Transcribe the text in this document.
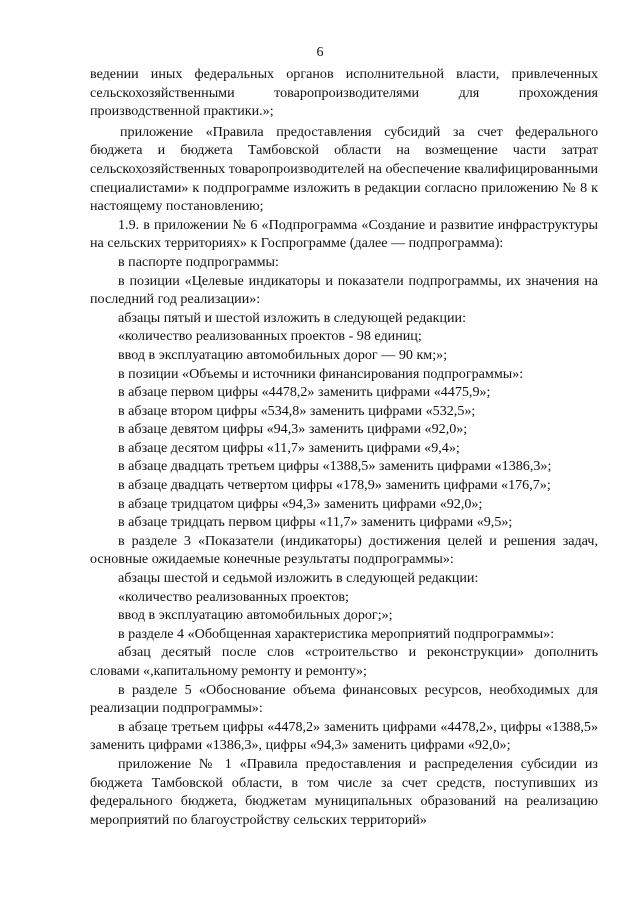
6

ведении иных федеральных органов исполнительной власти, привлеченных сельскохозяйственными товаропроизводителями для прохождения производственной практики.»;

приложение «Правила предоставления субсидий за счет федерального бюджета и бюджета Тамбовской области на возмещение части затрат сельскохозяйственных товаропроизводителей на обеспечение квалифицированными специалистами» к подпрограмме изложить в редакции согласно приложению № 8 к настоящему постановлению;

1.9. в приложении № 6 «Подпрограмма «Создание и развитие инфраструктуры на сельских территориях» к Госпрограмме (далее — подпрограмма):

в паспорте подпрограммы:

в позиции «Целевые индикаторы и показатели подпрограммы, их значения на последний год реализации»:

абзацы пятый и шестой изложить в следующей редакции:

«количество реализованных проектов - 98 единиц;

ввод в эксплуатацию автомобильных дорог — 90 км;»;

в позиции «Объемы и источники финансирования подпрограммы»:

в абзаце первом цифры «4478,2» заменить цифрами «4475,9»;

в абзаце втором цифры «534,8» заменить цифрами «532,5»;

в абзаце девятом цифры «94,3» заменить цифрами «92,0»;

в абзаце десятом цифры «11,7» заменить цифрами «9,4»;

в абзаце двадцать третьем цифры «1388,5» заменить цифрами «1386,3»;

в абзаце двадцать четвертом цифры «178,9» заменить цифрами «176,7»;

в абзаце тридцатом цифры «94,3» заменить цифрами «92,0»;

в абзаце тридцать первом цифры «11,7» заменить цифрами «9,5»;

в разделе 3 «Показатели (индикаторы) достижения целей и решения задач, основные ожидаемые конечные результаты подпрограммы»:

абзацы шестой и седьмой изложить в следующей редакции:

«количество реализованных проектов;

ввод в эксплуатацию автомобильных дорог;»;

в разделе 4 «Обобщенная характеристика мероприятий подпрограммы»:

абзац десятый после слов «строительство и реконструкции» дополнить словами «,капитальному ремонту и ремонту»;

в разделе 5 «Обоснование объема финансовых ресурсов, необходимых для реализации подпрограммы»:

в абзаце третьем цифры «4478,2» заменить цифрами «4478,2», цифры «1388,5» заменить цифрами «1386,3», цифры «94,3» заменить цифрами «92,0»;

приложение № 1 «Правила предоставления и распределения субсидии из бюджета Тамбовской области, в том числе за счет средств, поступивших из федерального бюджета, бюджетам муниципальных образований на реализацию мероприятий по благоустройству сельских территорий»
